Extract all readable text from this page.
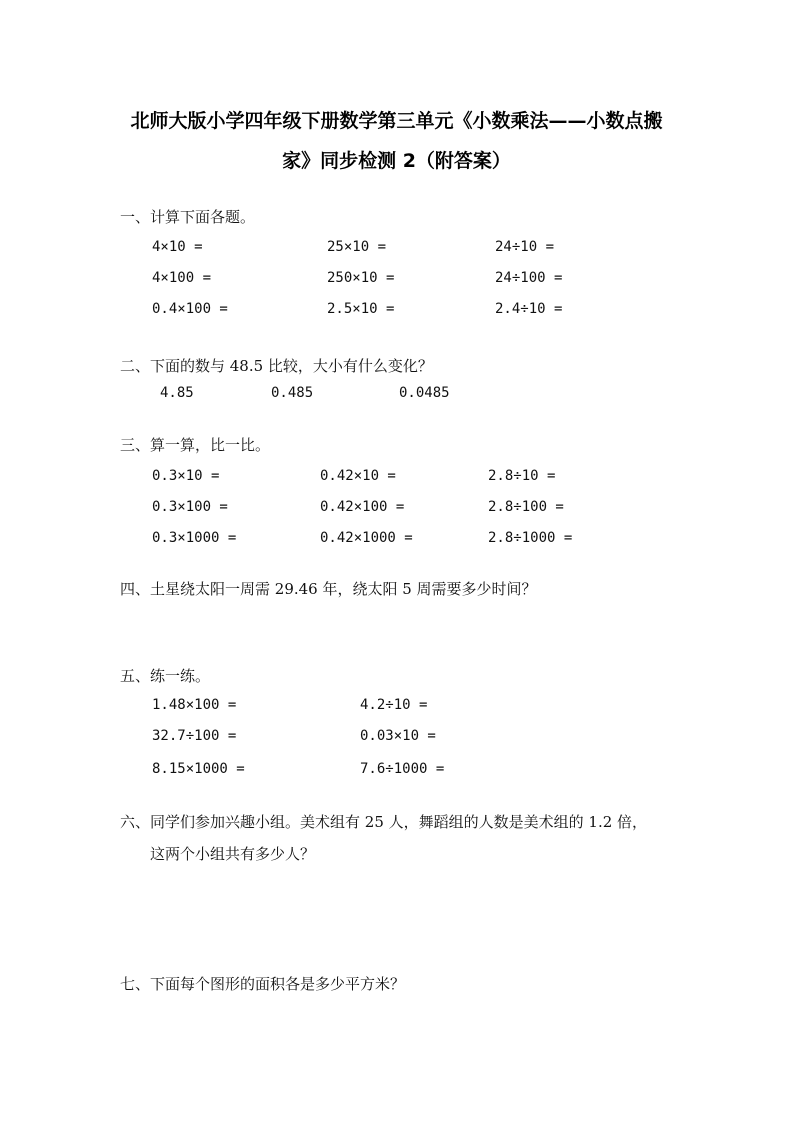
北师大版小学四年级下册数学第三单元《小数乘法——小数点搬
家》同步检测 2（附答案）
一、计算下面各题。
4×10 =	25×10 =	24÷10 =
4×100 =	250×10 =	24÷100 =
0.4×100 =	2.5×10 =	2.4÷10 =
二、下面的数与 48.5 比较，大小有什么变化？
4.85	0.485	0.0485
三、算一算，比一比。
0.3×10 =	0.42×10 =	2.8÷10 =
0.3×100 =	0.42×100 =	2.8÷100 =
0.3×1000 =	0.42×1000 =	2.8÷1000 =
四、土星绕太阳一周需 29.46 年，绕太阳 5 周需要多少时间？
五、练一练。
1.48×100 =	4.2÷10 =
32.7÷100 =	0.03×10 =
8.15×1000 =	7.6÷1000 =
六、同学们参加兴趣小组。美术组有 25 人，舞蹈组的人数是美术组的 1.2 倍，
这两个小组共有多少人？
七、下面每个图形的面积各是多少平方米？
